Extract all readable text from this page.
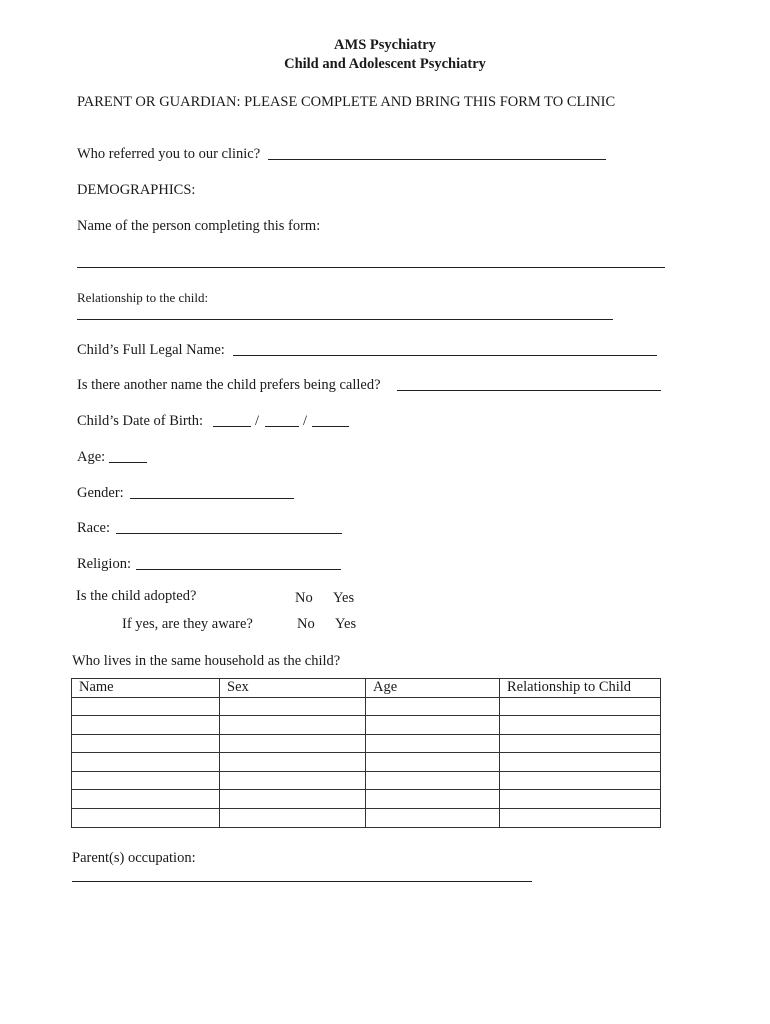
AMS Psychiatry
Child and Adolescent Psychiatry
PARENT OR GUARDIAN: PLEASE COMPLETE AND BRING THIS FORM TO CLINIC
Who referred you to our clinic?
DEMOGRAPHICS:
Name of the person completing this form:
Relationship to the child:
Child’s Full Legal Name:
Is there another name the child prefers being called?
Child’s Date of Birth:	/	/
Age:
Gender:
Race:
Religion:
Is the child adopted?	No Yes
If yes, are they aware?	No Yes
Who lives in the same household as the child?
Name	Sex	Age	Relationship to Child

Parent(s) occupation:
